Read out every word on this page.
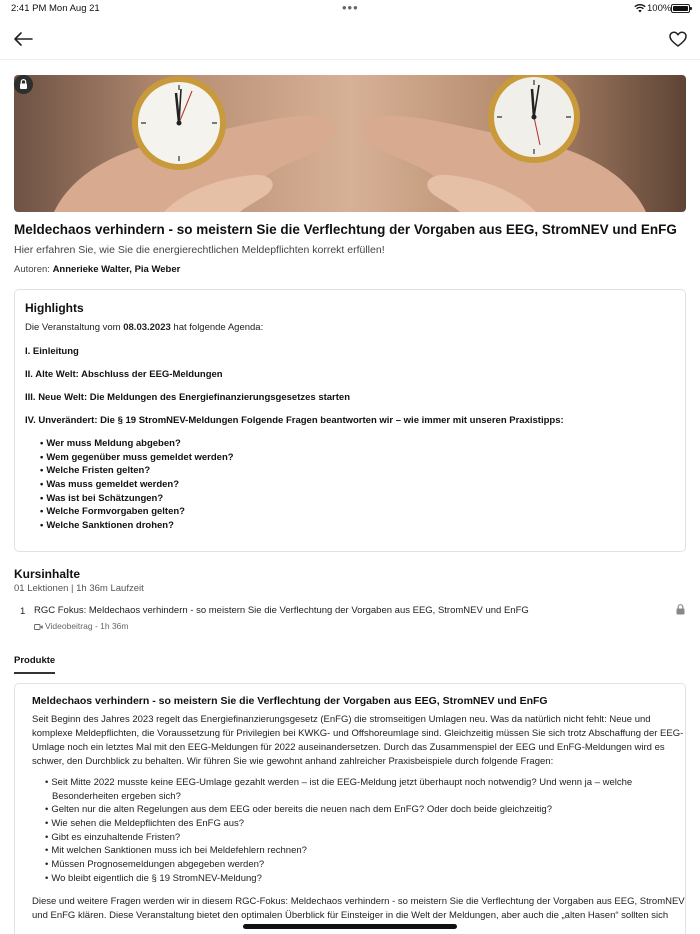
2:41 PM Mon Aug 21	•••	100%
Meldechaos verhindern - so meistern Sie die Verflechtung der Vorgaben aus EEG, StromNEV und EnFG
Hier erfahren Sie, wie Sie die energierechtlichen Meldepflichten korrekt erfüllen!
Autoren: Annerieke Walter, Pia Weber
Highlights
Die Veranstaltung vom 08.03.2023 hat folgende Agenda:
I. Einleitung
II. Alte Welt: Abschluss der EEG-Meldungen
III. Neue Welt: Die Meldungen des Energiefinanzierungsgesetzes starten
IV. Unverändert: Die § 19 StromNEV-Meldungen Folgende Fragen beantworten wir – wie immer mit unseren Praxistipps:
• Wer muss Meldung abgeben?
• Wem gegenüber muss gemeldet werden?
• Welche Fristen gelten?
• Was muss gemeldet werden?
• Was ist bei Schätzungen?
• Welche Formvorgaben gelten?
• Welche Sanktionen drohen?
Kursinhalte
01 Lektionen | 1h 36m Laufzeit
1 RGC Fokus: Meldechaos verhindern - so meistern Sie die Verflechtung der Vorgaben aus EEG, StromNEV und EnFG
Videobeitrag - 1h 36m
Produkte
Meldechaos verhindern - so meistern Sie die Verflechtung der Vorgaben aus EEG, StromNEV und EnFG
Seit Beginn des Jahres 2023 regelt das Energiefinanzierungsgesetz (EnFG) die stromseitigen Umlagen neu. Was da natürlich nicht fehlt: Neue und
komplexe Meldepflichten, die Voraussetzung für Privilegien bei KWKG- und Offshoreumlage sind. Gleichzeitig müssen Sie sich trotz Abschaffung der EEG-
Umlage noch ein letztes Mal mit den EEG-Meldungen für 2022 auseinandersetzen. Durch das Zusammenspiel der EEG und EnFG-Meldungen wird es
schwer, den Durchblick zu behalten. Wir führen Sie wie gewohnt anhand zahlreicher Praxisbeispiele durch folgende Fragen:
• Seit Mitte 2022 musste keine EEG-Umlage gezahlt werden – ist die EEG-Meldung jetzt überhaupt noch notwendig? Und wenn ja – welche
Besonderheiten ergeben sich?
• Gelten nur die alten Regelungen aus dem EEG oder bereits die neuen nach dem EnFG? Oder doch beide gleichzeitig?
• Wie sehen die Meldepflichten des EnFG aus?
• Gibt es einzuhaltende Fristen?
• Mit welchen Sanktionen muss ich bei Meldefehlern rechnen?
• Müssen Prognosemeldungen abgegeben werden?
• Wo bleibt eigentlich die § 19 StromNEV-Meldung?
Diese und weitere Fragen werden wir in diesem RGC-Fokus: Meldechaos verhindern - so meistern Sie die Verflechtung der Vorgaben aus EEG, StromNEV
und EnFG klären. Diese Veranstaltung bietet den optimalen Überblick für Einsteiger in die Welt der Meldungen, aber auch die „alten Hasen“ sollten sich
